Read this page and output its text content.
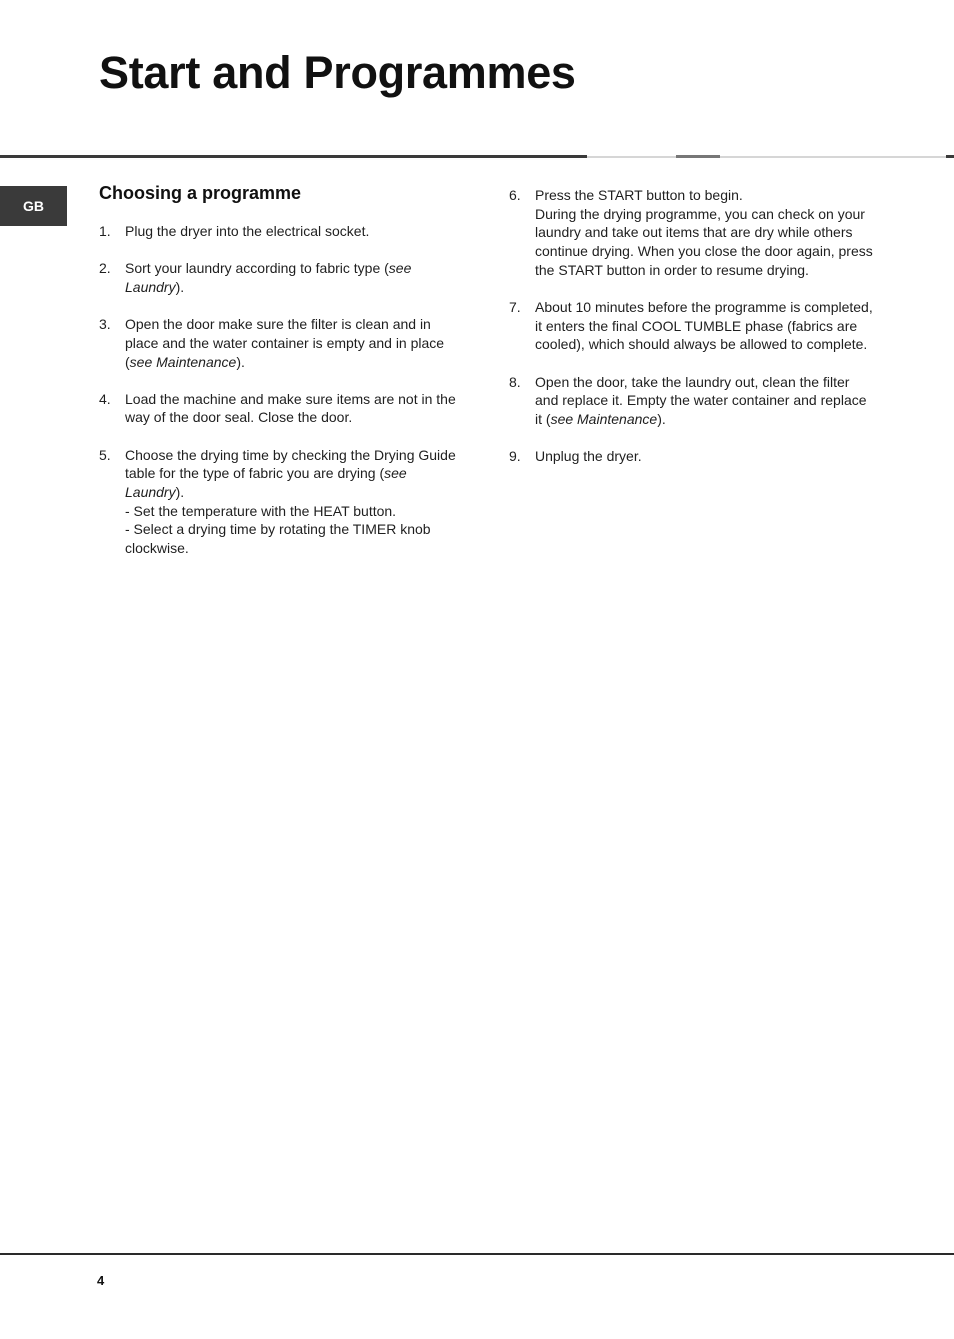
Start and Programmes
GB
Choosing a programme
1. Plug the dryer into the electrical socket.
2. Sort your laundry according to fabric type (see Laundry).
3. Open the door make sure the filter is clean and in place and the water container is empty and in place (see Maintenance).
4. Load the machine and make sure items are not in the way of the door seal. Close the door.
5. Choose the drying time by checking the Drying Guide table for the type of fabric you are drying (see Laundry).
- Set the temperature with the HEAT button.
- Select a drying time by rotating the TIMER knob clockwise.
6. Press the START button to begin.
During the drying programme, you can check on your laundry and take out items that are dry while others continue drying. When you close the door again, press the START button in order to resume drying.
7. About 10 minutes before the programme is completed, it enters the final COOL TUMBLE phase (fabrics are cooled), which should always be allowed to complete.
8. Open the door, take the laundry out, clean the filter and replace it. Empty the water container and replace it (see Maintenance).
9. Unplug the dryer.
4
